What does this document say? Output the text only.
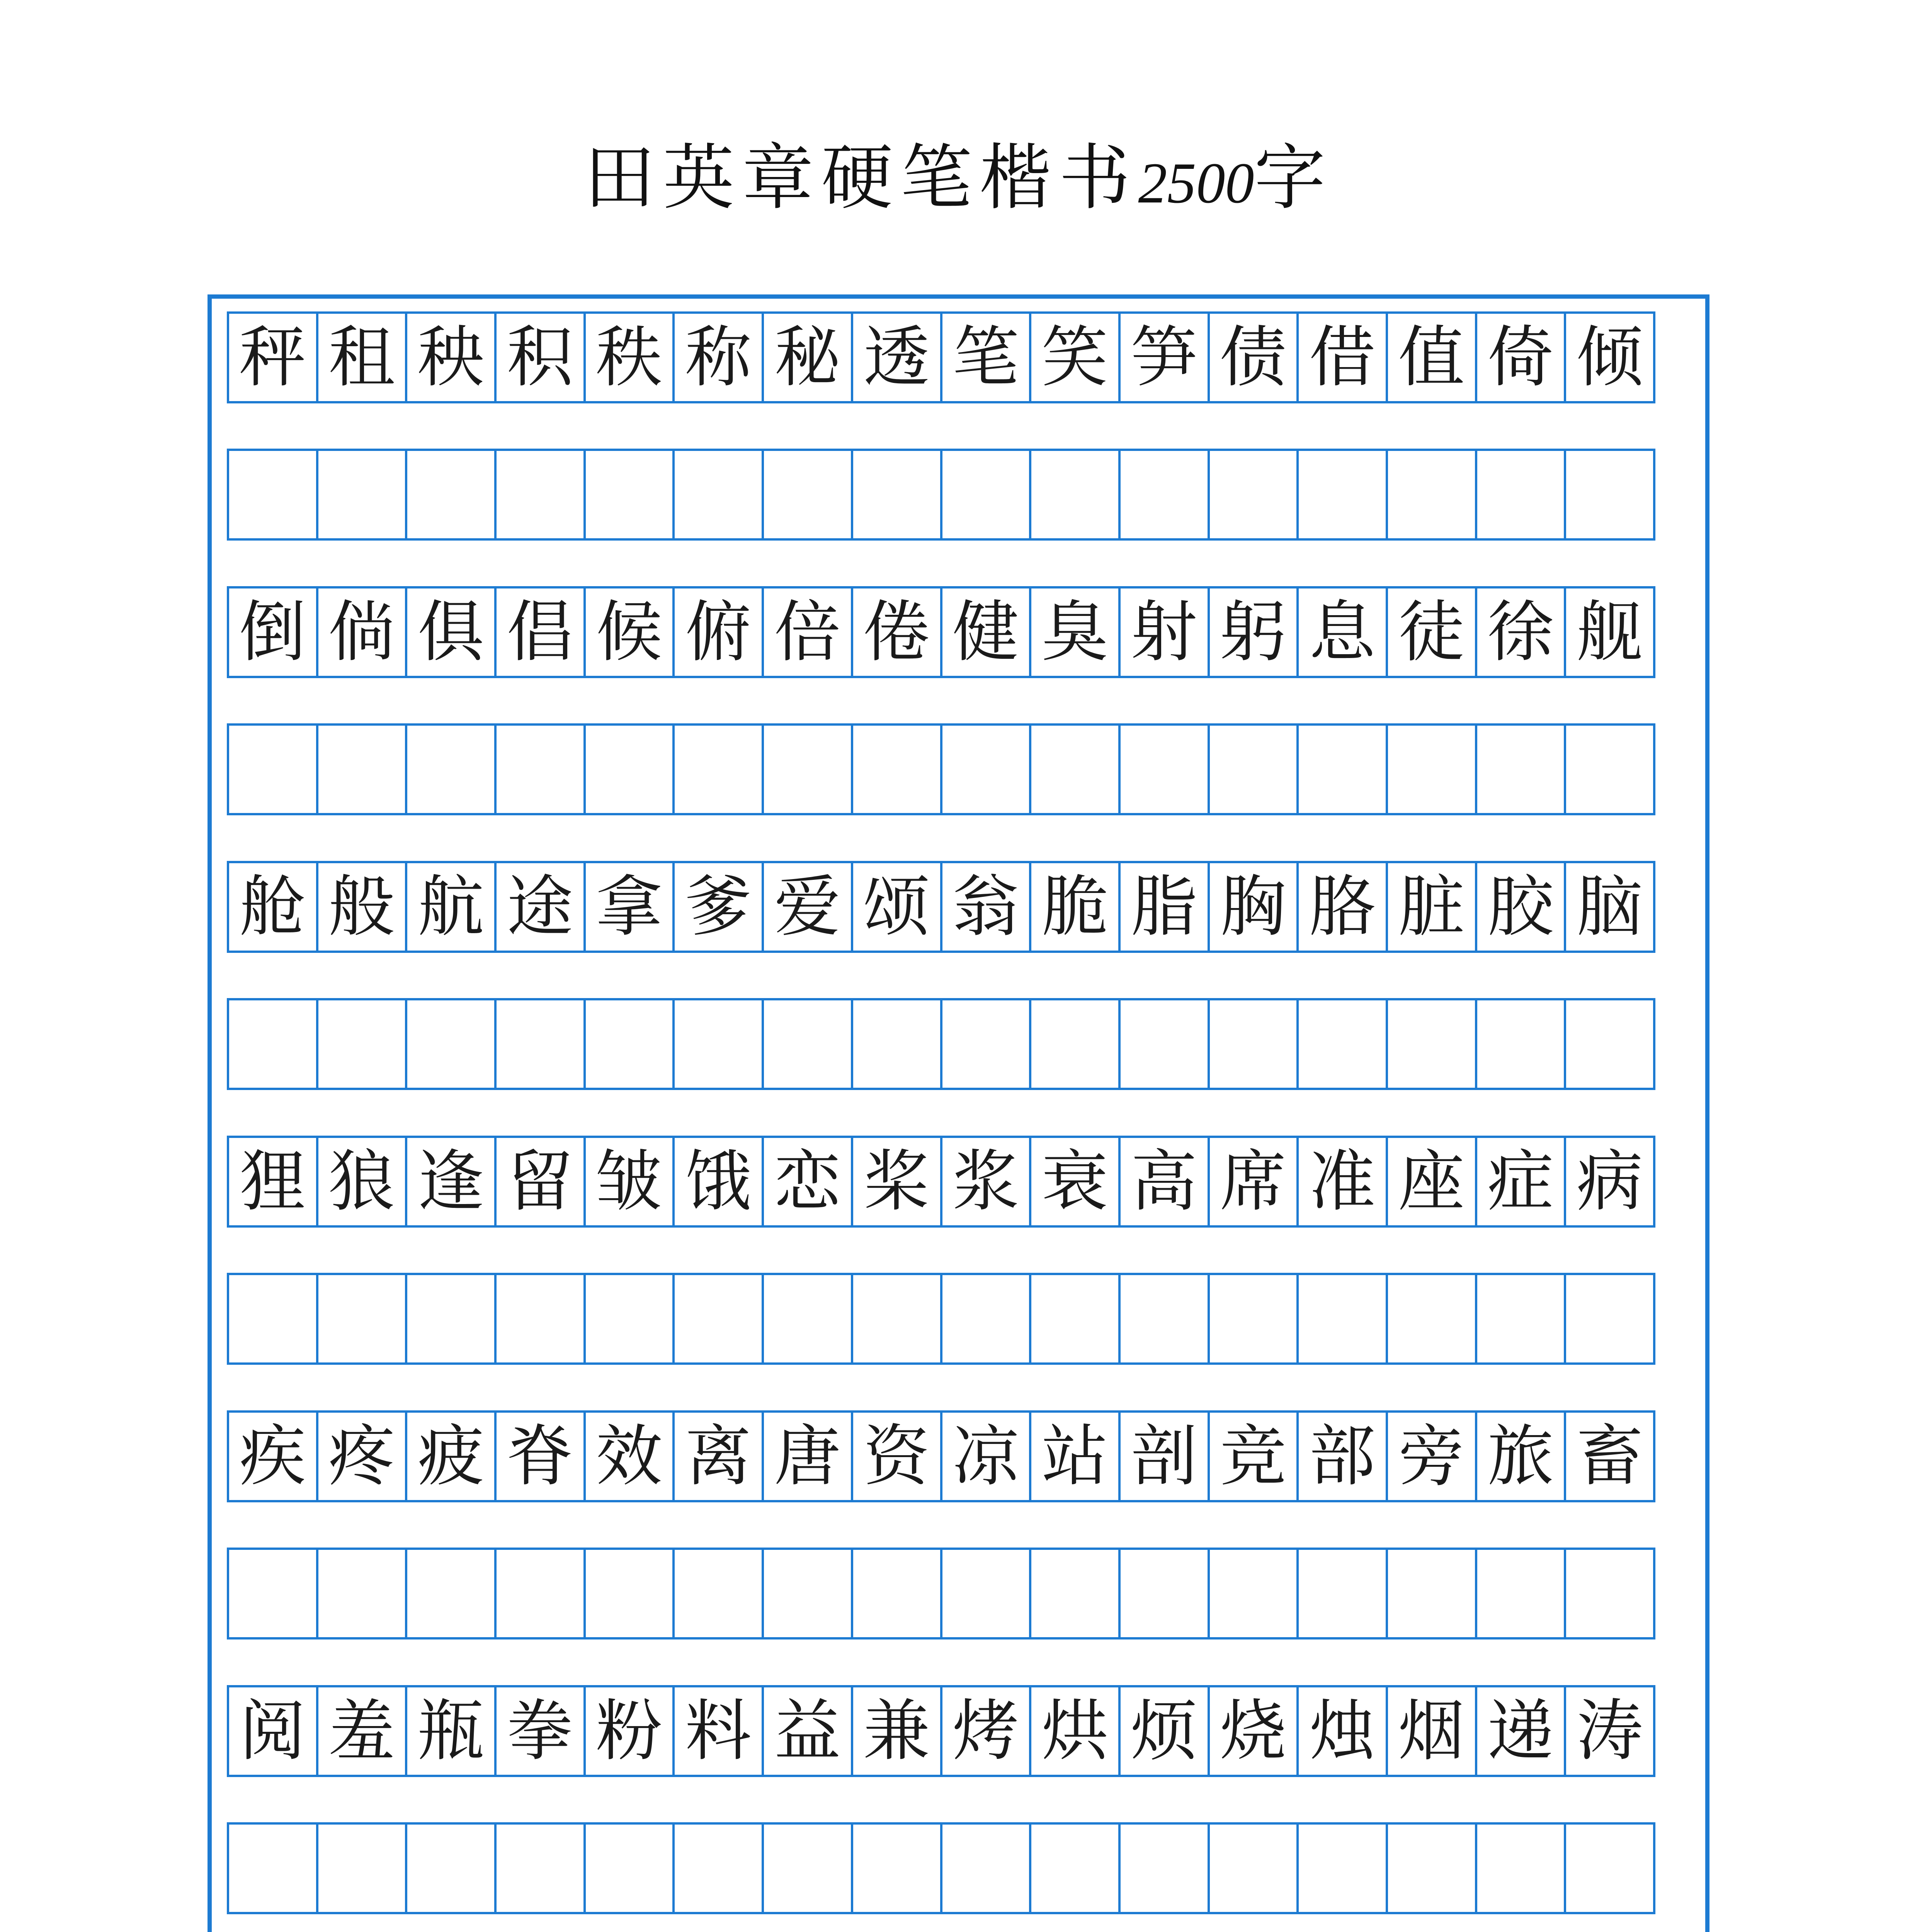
田英章硬笔楷书2500字
秤 租 秧 积 秩 称 秘 透 笔 笑 笋 债 借 值 倚 倾
倒 倘 俱 倡 候 俯 倍 倦 健 臭 射 躬 息 徒 徐 舰
舱 般 航 途 拿 爹 爱 颂 翁 脆 脂 胸 胳 脏 胶 脑
狸 狼 逢 留 皱 饿 恋 桨 浆 衰 高 席 准 座 症 病
疾 疼 疲 脊 效 离 唐 资 凉 站 剖 竞 部 旁 旅 畜
阅 羞 瓶 拳 粉 料 益 兼 烤 烘 烦 烧 烛 烟 递 涛
